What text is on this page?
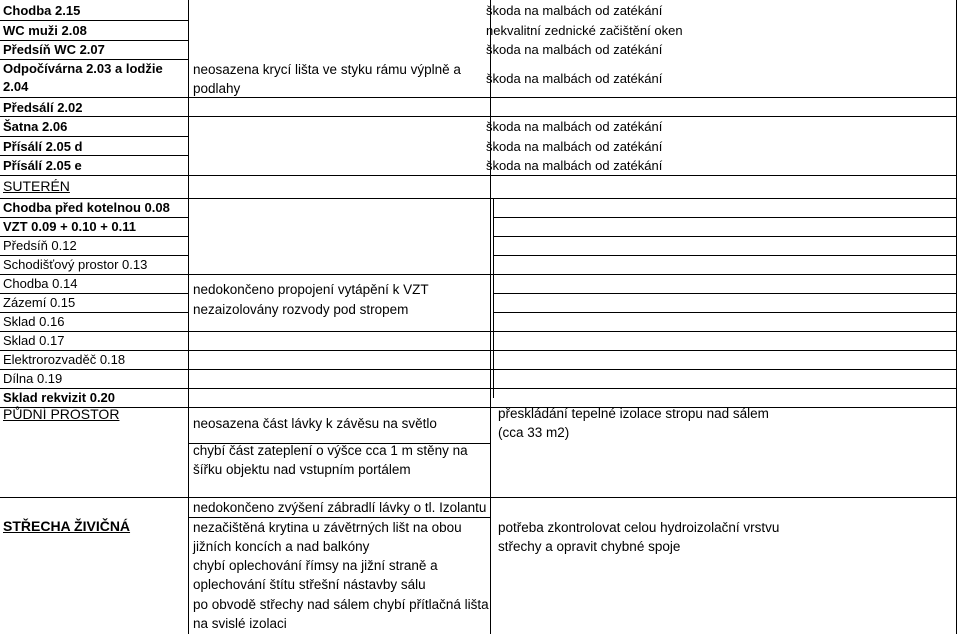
Chodba 2.15
WC muži 2.08
Předsíň WC 2.07
Odpočívárna 2.03 a lodžie 2.04
Předsálí 2.02
Šatna 2.06
Přísálí 2.05 d
Přísálí 2.05 e
neosazena krycí lišta ve styku rámu výplně a podlahy
škoda na malbách od zatékání
nekvalitní zednické začištění oken
škoda na malbách od zatékání
škoda na malbách od zatékání
škoda na malbách od zatékání
škoda na malbách od zatékání
škoda na malbách od zatékání
SUTERÉN
Chodba před kotelnou 0.08
VZT 0.09 + 0.10 + 0.11
Předsíň 0.12
Schodišťový prostor 0.13
Chodba 0.14
Zázemí 0.15
Sklad 0.16
Sklad 0.17
Elektrorozvaděč 0.18
Dílna 0.19
Sklad rekvizit 0.20
nedokončeno propojení vytápění k VZT
nezaizolovány rozvody pod stropem
PŮDNÍ PROSTOR
neosazena část lávky k závěsu na světlo
chybí část zateplení o výšce cca 1 m stěny na šířku objektu nad vstupním portálem
přeskládání tepelné izolace stropu nad sálem (cca 33 m2)
STŘECHA ŽIVIČNÁ
nedokončeno zvýšení zábradlí lávky o tl. Izolantu
nezačištěná krytina u závětrných lišt na obou jižních koncích a nad balkóny
chybí oplechování římsy na jižní straně a oplechování štítu střešní nástavby sálu
po obvodě střechy nad sálem chybí přítlačná lišta na svislé izolaci
potřeba zkontrolovat celou hydroizolační vrstvu střechy a opravit chybné spoje
